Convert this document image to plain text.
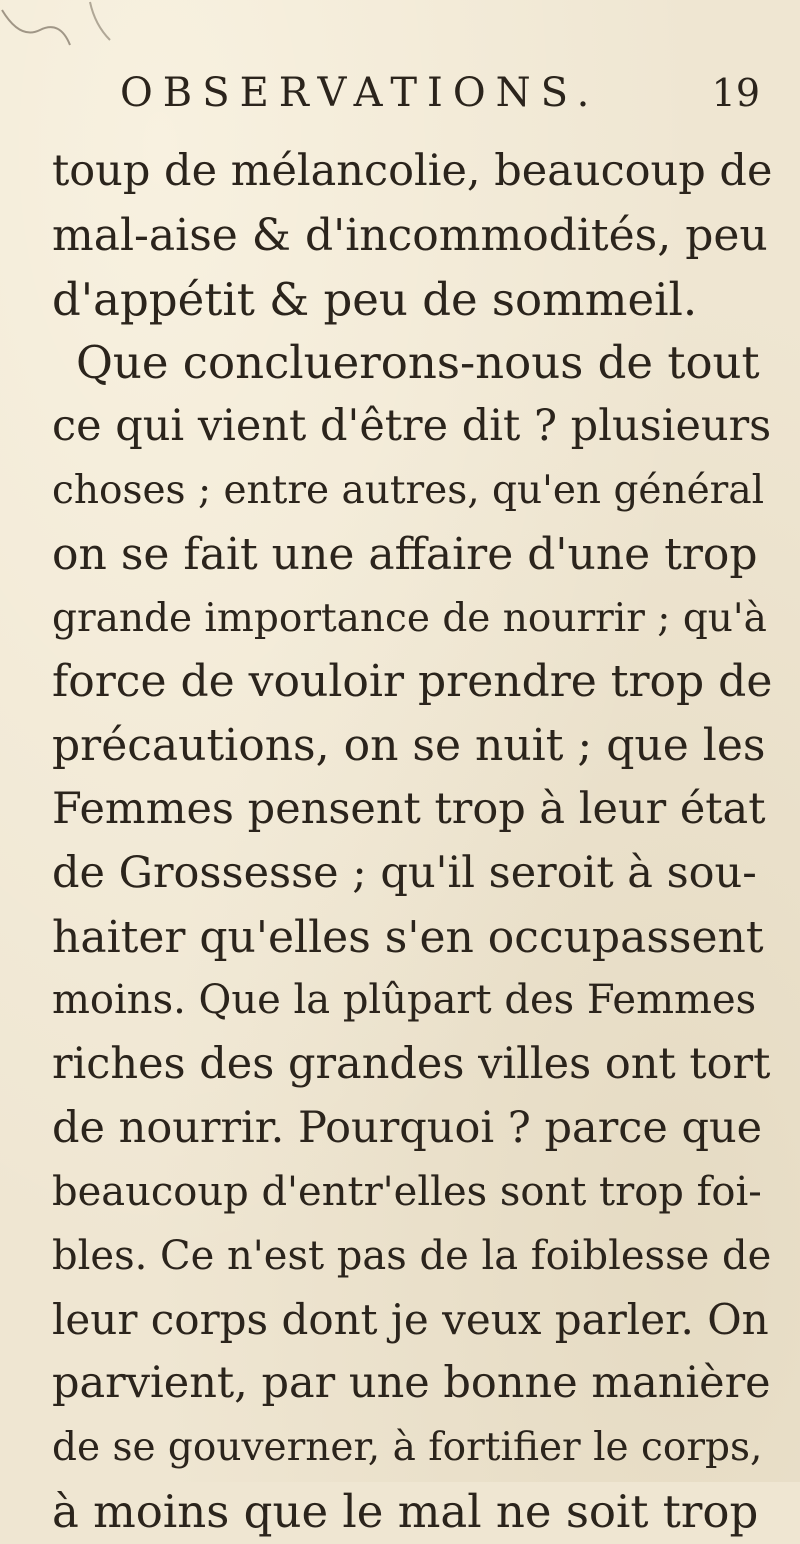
OBSERVATIONS.	19
toup de mélancolie, beaucoup de
mal-aise & d'incommodités, peu
d'appétit & peu de sommeil.
Que concluerons-nous de tout
ce qui vient d'être dit ? plusieurs
choses ; entre autres, qu'en général
on se fait une affaire d'une trop
grande importance de nourrir ; qu'à
force de vouloir prendre trop de
précautions, on se nuit ; que les
Femmes pensent trop à leur état
de Grossesse ; qu'il seroit à sou-
haiter qu'elles s'en occupassent
moins. Que la plûpart des Femmes
riches des grandes villes ont tort
de nourrir. Pourquoi ? parce que
beaucoup d'entr'elles sont trop foi-
bles. Ce n'est pas de la foiblesse de
leur corps dont je veux parler. On
parvient, par une bonne manière
de se gouverner, à fortifier le corps,
à moins que le mal ne soit trop
